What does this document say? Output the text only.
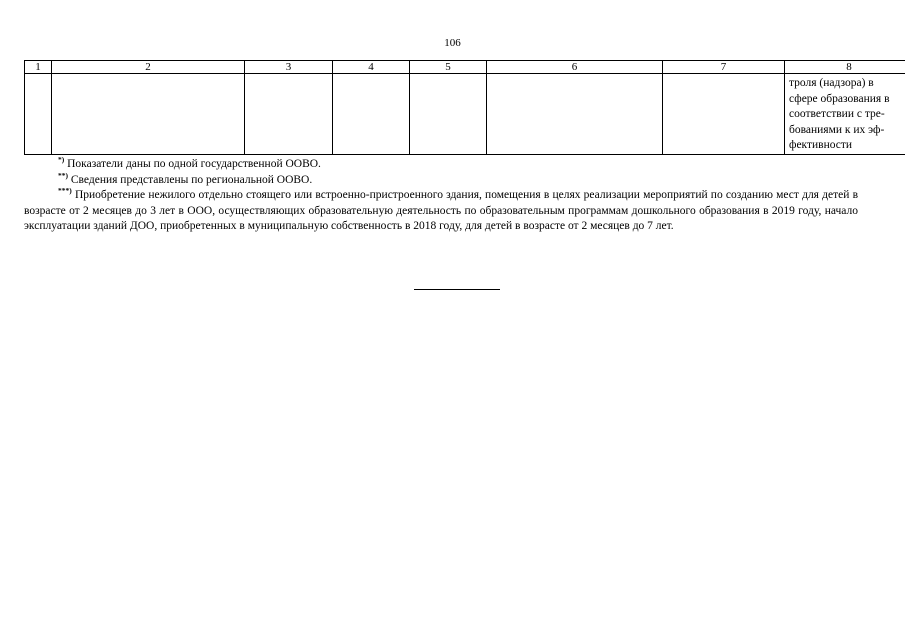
106
1	2	3	4	5	6	7	8

							троля (надзора) в
сфере образования в
соответствии с тре-
бованиями к их эф-
фективности

*) Показатели даны по одной государственной ООВО.

**) Сведения представлены по региональной ООВО.

***) Приобретение нежилого отдельно стоящего или встроенно-пристроенного здания, помещения в целях реализации мероприятий по созданию мест для детей в возрасте от 2 месяцев до 3 лет в ООО, осуществляющих образовательную деятельность по образовательным программам дошкольного образования в 2019 году, начало эксплуатации зданий ДОО, приобретенных в муниципальную собственность в 2018 году, для детей в возрасте от 2 месяцев до 7 лет.
